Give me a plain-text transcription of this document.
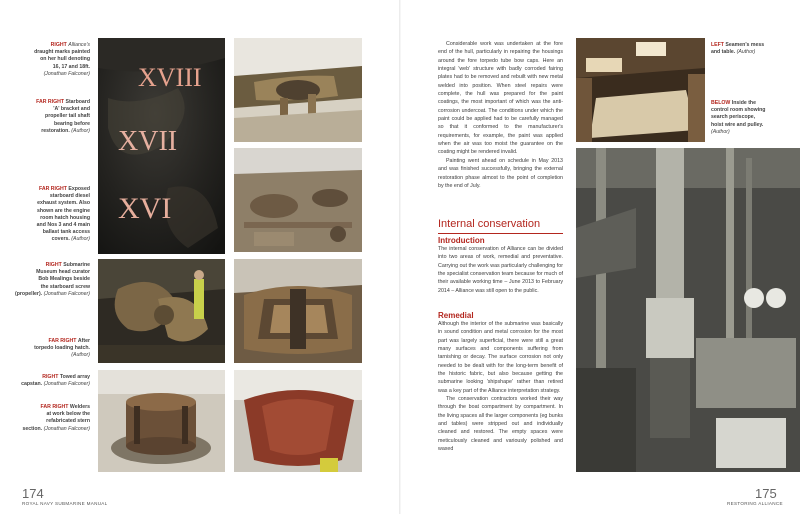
RIGHT Alliance's
draught marks painted
on her hull denoting
16, 17 and 18ft.
(Jonathan Falconer)
FAR RIGHT Starboard
'A' bracket and
propeller tail shaft
bearing before
restoration. (Author)
FAR RIGHT Exposed
starboard diesel
exhaust system. Also
shown are the engine
room hatch housing
and Nos 3 and 4 main
ballast tank access
covers. (Author)
RIGHT Submarine
Museum head curator
Bob Mealings beside
the starboard screw
(propeller). (Jonathan Falconer)
FAR RIGHT After
torpedo loading hatch.
(Author)
RIGHT Towed array
capstan. (Jonathan Falconer)
FAR RIGHT Welders
at work below the
refabricated stern
section. (Jonathan Falconer)
XVIII
XVII
XVI
174
ROYAL NAVY SUBMARINE MANUAL

Considerable work was undertaken at the fore end of the hull, particularly in repairing the housings around the fore torpedo tube bow caps. Here an integral 'web' structure with badly corroded fairing plates had to be removed and rebuilt with new metal welded into position. When steel repairs were complete, the hull was prepared for the paint coatings, the most important of which was the anti-corrosion undercoat. The conditions under which the paint could be applied had to be carefully managed so that it conformed to the manufacturer's requirements, for example, the paint was applied when the air was too moist the guarantee on the coating might be rendered invalid.

Painting went ahead on schedule in May 2013 and was finished successfully, bringing the external restoration phase almost to the point of completion by the end of July.

Internal conservation
Introduction

The internal conservation of Alliance can be divided into two areas of work, remedial and preventative. Carrying out the work was particularly challenging for the specialist conservation team because for much of their available working time – June 2013 to February 2014 – Alliance was still open to the public.

Remedial

Although the interior of the submarine was basically in sound condition and metal corrosion for the most part was largely superficial, there were still a great many surfaces and components suffering from tarnishing or decay. The surface corrosion not only needed to be dealt with for the long-term benefit of the historic fabric, but also because getting the submarine looking 'shipshape' rather than retired was a key part of the Alliance interpretation strategy.

The conservation contractors worked their way through the boat compartment by compartment. In the living spaces all the larger components (eg bunks and tables) were stripped out and individually cleaned and restored. The empty spaces were meticulously cleaned and variously polished and waxed

LEFT Seamen's mess
and table. (Author)
BELOW Inside the
control room showing
search periscope,
hoist wire and pulley.
(Author)
175
RESTORING ALLIANCE
